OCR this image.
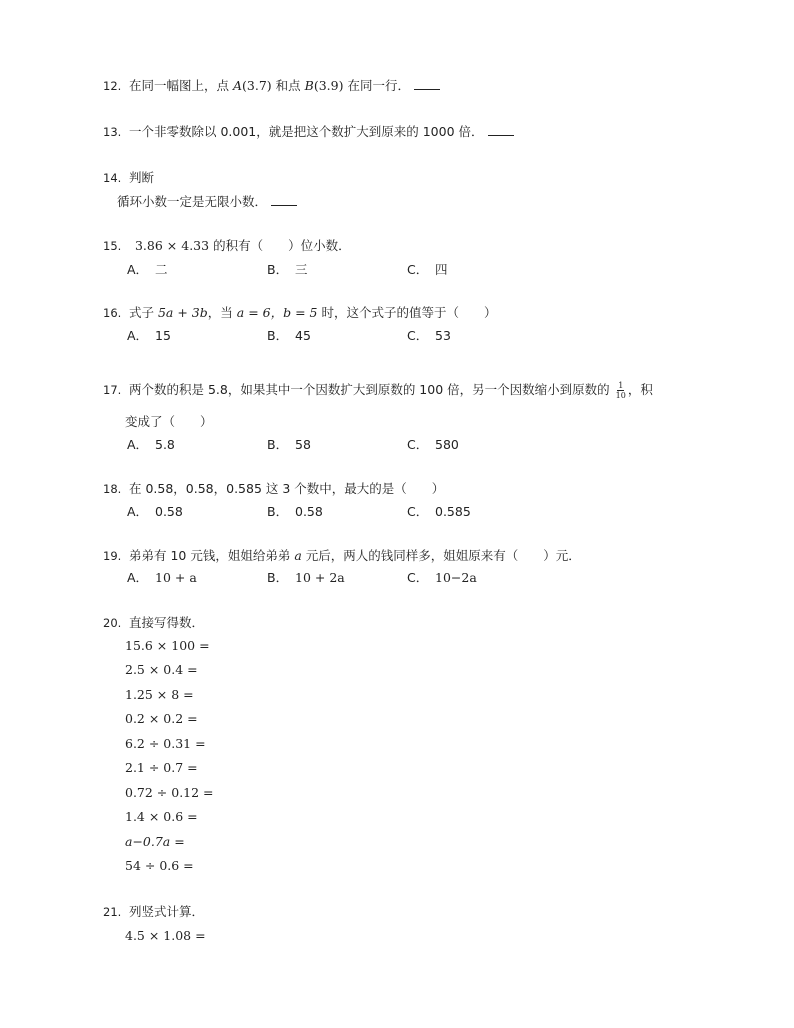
12. 在同一幅图上，点 A(3.7) 和点 B(3.9) 在同一行．
13. 一个非零数除以 0.001，就是把这个数扩大到原来的 1000 倍．
14. 判断
循环小数一定是无限小数．
15. 3.86 × 4.33 的积有（　　）位小数．
A． 二	B． 三	C． 四
16. 式子 5a + 3b，当 a = 6，b = 5 时，这个式子的值等于（　　）
A． 15	B． 45	C． 53
17. 两个数的积是 5.8，如果其中一个因数扩大到原数的 100 倍，另一个因数缩小到原数的 $\frac{1}{10}$ ，积
变成了（　　）
A． 5.8	B． 58	C． 580
18. 在 0.58，0.58，0.585 这 3 个数中，最大的是（　　）
A． 0.58	B． 0.58	C． 0.585
19. 弟弟有 10 元钱，姐姐给弟弟 a 元后，两人的钱同样多，姐姐原来有（　　）元．
A． 10 + a	B． 10 + 2a	C． 10−2a
20. 直接写得数．
15.6 × 100 =
2.5 × 0.4 =
1.25 × 8 =
0.2 × 0.2 =
6.2 ÷ 0.31 =
2.1 ÷ 0.7 =
0.72 ÷ 0.12 =
1.4 × 0.6 =
a−0.7a =
54 ÷ 0.6 =
21. 列竖式计算．
4.5 × 1.08 =
